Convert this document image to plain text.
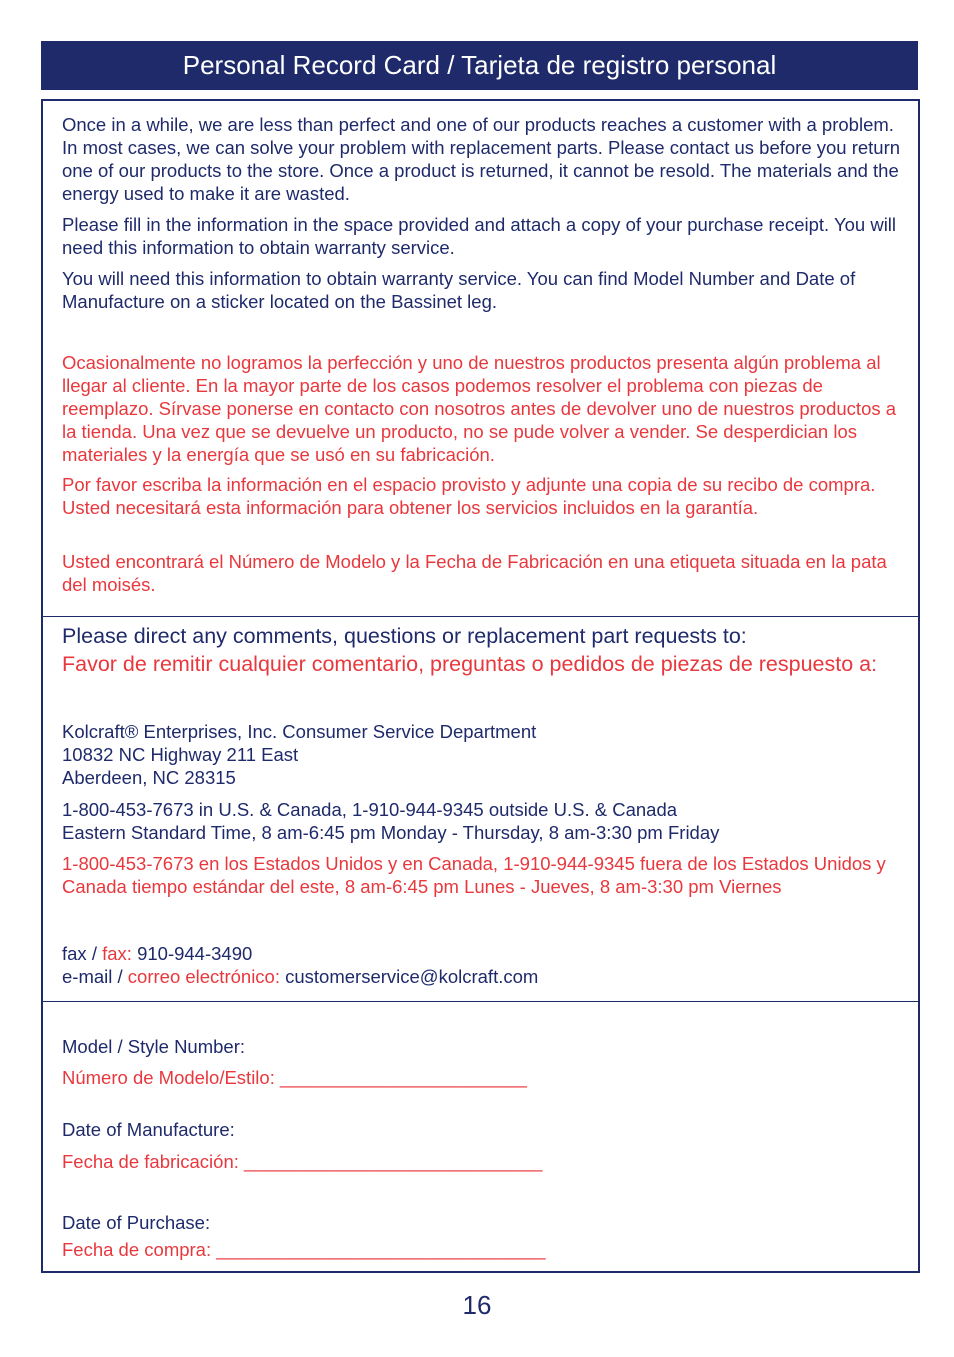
Personal Record Card / Tarjeta de registro personal
Once in a while, we are less than perfect and one of our products reaches a customer with a problem. In most cases, we can solve your problem with replacement parts. Please contact us before you return one of our products to the store. Once a product is returned, it cannot be resold. The materials and the energy used to make it are wasted.
Please fill in the information in the space provided and attach a copy of your purchase receipt. You will need this information to obtain warranty service.
You will need this information to obtain warranty service. You can find Model Number and Date of Manufacture on a sticker located on the Bassinet leg.
Ocasionalmente no logramos la perfección y uno de nuestros productos presenta algún problema al llegar al cliente. En la mayor parte de los casos podemos resolver el problema con piezas de reemplazo. Sírvase ponerse en contacto con nosotros antes de devolver uno de nuestros productos a la tienda. Una vez que se devuelve un producto, no se pude volver a vender. Se desperdician los materiales y la energía que se usó en su fabricación.
Por favor escriba la información en el espacio provisto y adjunte una copia de su recibo de compra. Usted necesitará esta información para obtener los servicios incluidos en la garantía.
Usted encontrará el Número de Modelo y la Fecha de Fabricación en una etiqueta situada en la pata del moisés.
Please direct any comments, questions or replacement part requests to:
Favor de remitir cualquier comentario, preguntas o pedidos de piezas de respuesto a:

Kolcraft® Enterprises, Inc. Consumer Service Department

10832 NC Highway 211 East

Aberdeen, NC 28315

1-800-453-7673 in U.S. & Canada, 1-910-944-9345 outside U.S. & Canada

Eastern Standard Time, 8 am-6:45 pm Monday - Thursday, 8 am-3:30 pm Friday

1-800-453-7673 en los Estados Unidos y en Canada, 1-910-944-9345 fuera de los Estados Unidos y Canada tiempo estándar del este, 8 am-6:45 pm Lunes - Jueves, 8 am-3:30 pm Viernes
fax / fax: 910-944-3490
e-mail / correo electrónico: customerservice@kolcraft.com
Model / Style Number:
Número de Modelo/Estilo: ________________________
Date of Manufacture:
Fecha de fabricación: _____________________________
Date of Purchase:
Fecha de compra: ________________________________
16
